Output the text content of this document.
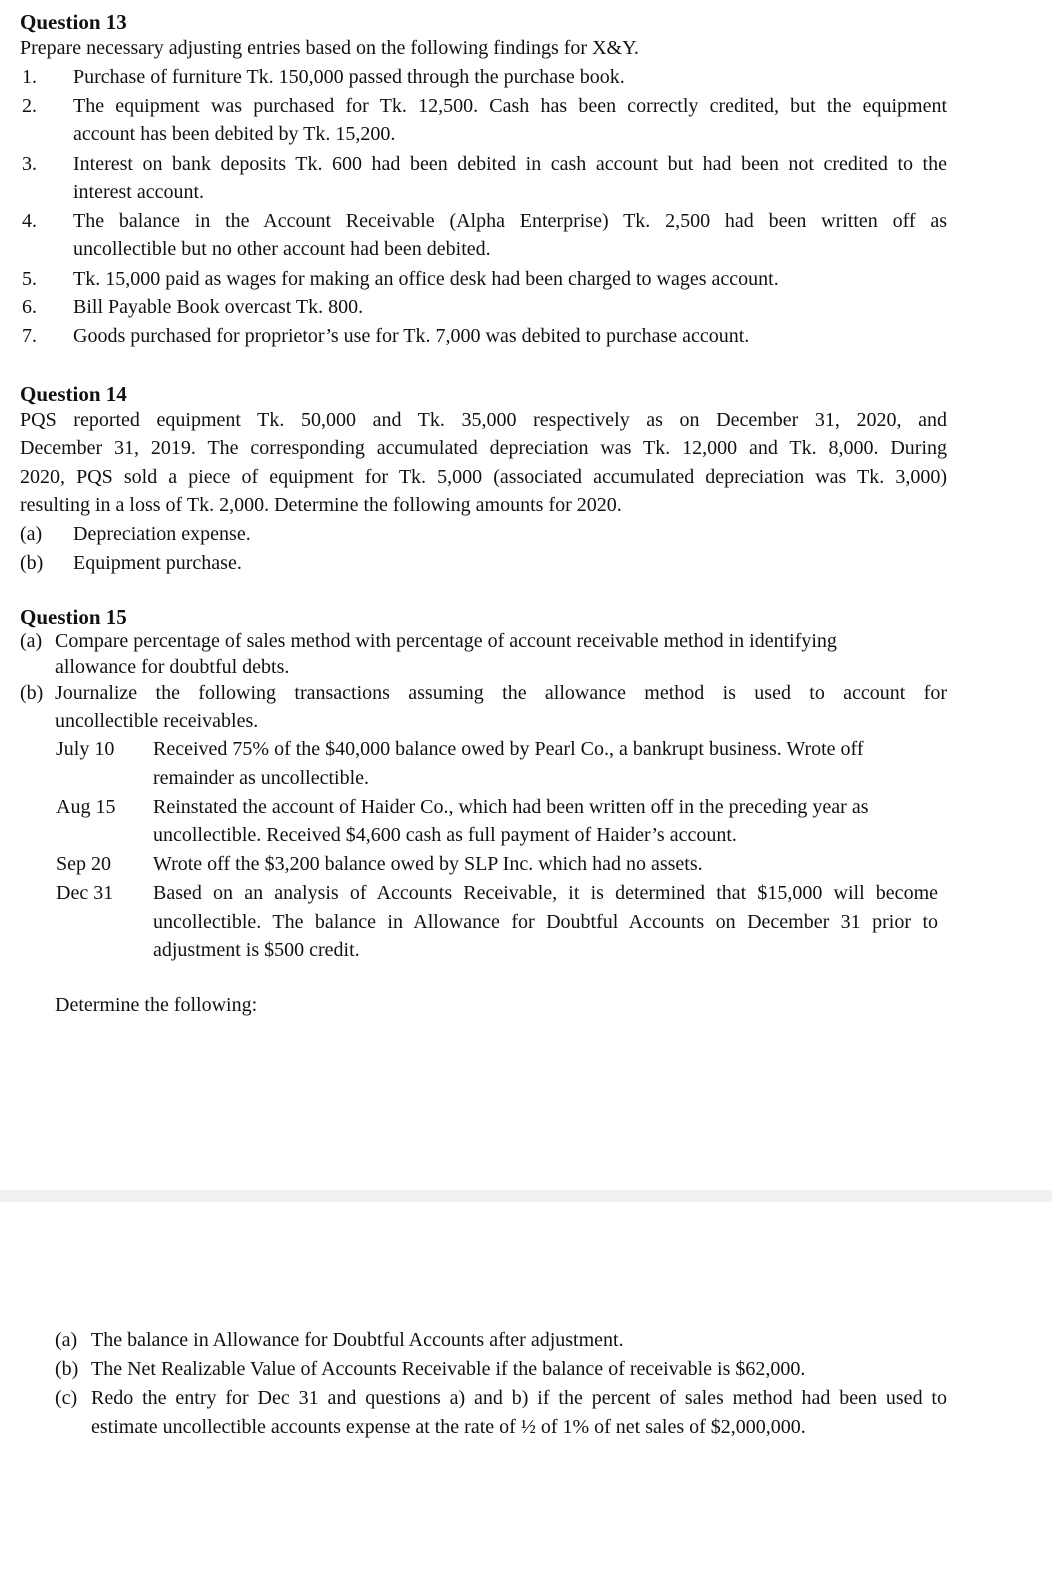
Question 13
Prepare necessary adjusting entries based on the following findings for X&Y.
1. Purchase of furniture Tk. 150,000 passed through the purchase book.
2. The equipment was purchased for Tk. 12,500. Cash has been correctly credited, but the equipment
account has been debited by Tk. 15,200.
3. Interest on bank deposits Tk. 600 had been debited in cash account but had been not credited to the
interest account.
4. The balance in the Account Receivable (Alpha Enterprise) Tk. 2,500 had been written off as
uncollectible but no other account had been debited.
5. Tk. 15,000 paid as wages for making an office desk had been charged to wages account.
6. Bill Payable Book overcast Tk. 800.
7. Goods purchased for proprietor’s use for Tk. 7,000 was debited to purchase account.
Question 14
PQS reported equipment Tk. 50,000 and Tk. 35,000 respectively as on December 31, 2020, and
December 31, 2019. The corresponding accumulated depreciation was Tk. 12,000 and Tk. 8,000. During
2020, PQS sold a piece of equipment for Tk. 5,000 (associated accumulated depreciation was Tk. 3,000)
resulting in a loss of Tk. 2,000. Determine the following amounts for 2020.
(a) Depreciation expense.
(b) Equipment purchase.
Question 15
(a) Compare percentage of sales method with percentage of account receivable method in identifying
allowance for doubtful debts.
(b) Journalize the following transactions assuming the allowance method is used to account for
uncollectible receivables.
July 10 Received 75% of the $40,000 balance owed by Pearl Co., a bankrupt business. Wrote off
remainder as uncollectible.
Aug 15 Reinstated the account of Haider Co., which had been written off in the preceding year as
uncollectible. Received $4,600 cash as full payment of Haider’s account.
Sep 20 Wrote off the $3,200 balance owed by SLP Inc. which had no assets.
Dec 31 Based on an analysis of Accounts Receivable, it is determined that $15,000 will become
uncollectible. The balance in Allowance for Doubtful Accounts on December 31 prior to
adjustment is $500 credit.
Determine the following:
(a) The balance in Allowance for Doubtful Accounts after adjustment.
(b) The Net Realizable Value of Accounts Receivable if the balance of receivable is $62,000.
(c) Redo the entry for Dec 31 and questions a) and b) if the percent of sales method had been used to
estimate uncollectible accounts expense at the rate of ½ of 1% of net sales of $2,000,000.
